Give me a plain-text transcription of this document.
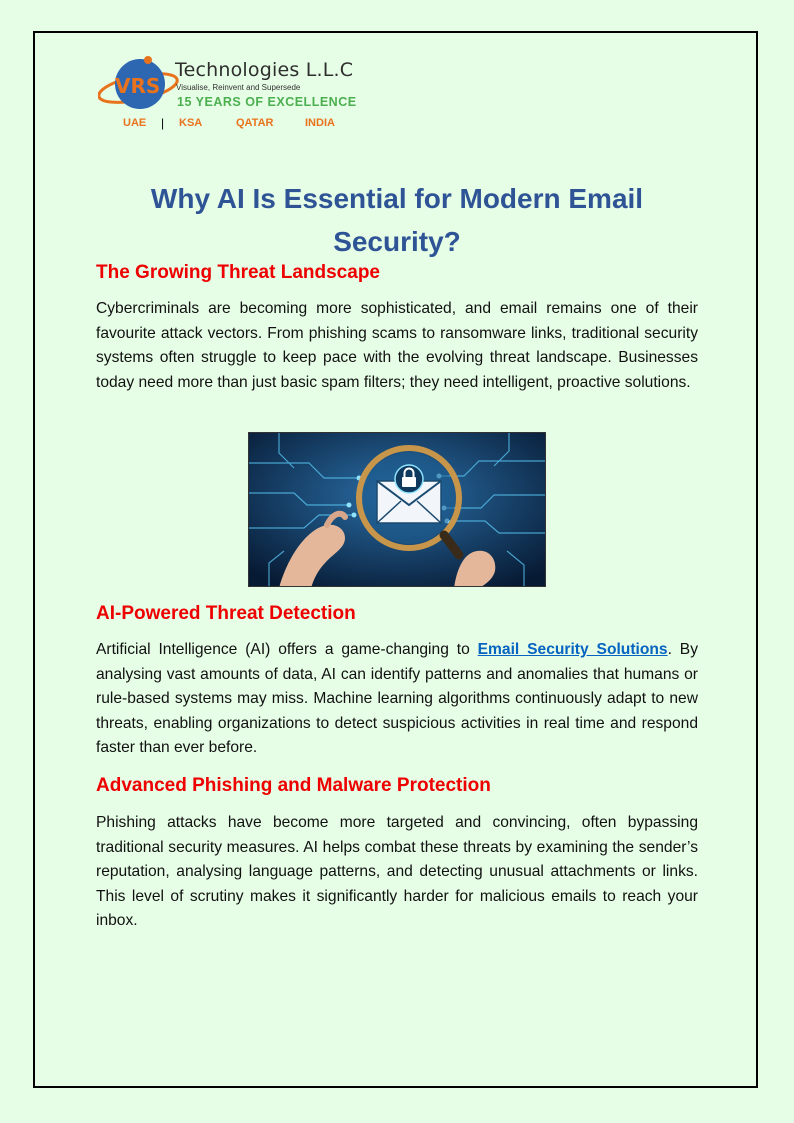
VRS
Technologies L.L.C
Visualise, Reinvent and Supersede
15 YEARS OF EXCELLENCE
UAE | KSA	QATAR	INDIA
Why AI Is Essential for Modern Email Security?
The Growing Threat Landscape

Cybercriminals are becoming more sophisticated, and email remains one of their favourite attack vectors. From phishing scams to ransomware links, traditional security systems often struggle to keep pace with the evolving threat landscape. Businesses today need more than just basic spam filters; they need intelligent, proactive solutions.

AI-Powered Threat Detection

Artificial Intelligence (AI) offers a game-changing to Email Security Solutions. By analysing vast amounts of data, AI can identify patterns and anomalies that humans or rule-based systems may miss. Machine learning algorithms continuously adapt to new threats, enabling organizations to detect suspicious activities in real time and respond faster than ever before.

Advanced Phishing and Malware Protection

Phishing attacks have become more targeted and convincing, often bypassing traditional security measures. AI helps combat these threats by examining the sender’s reputation, analysing language patterns, and detecting unusual attachments or links. This level of scrutiny makes it significantly harder for malicious emails to reach your inbox.
